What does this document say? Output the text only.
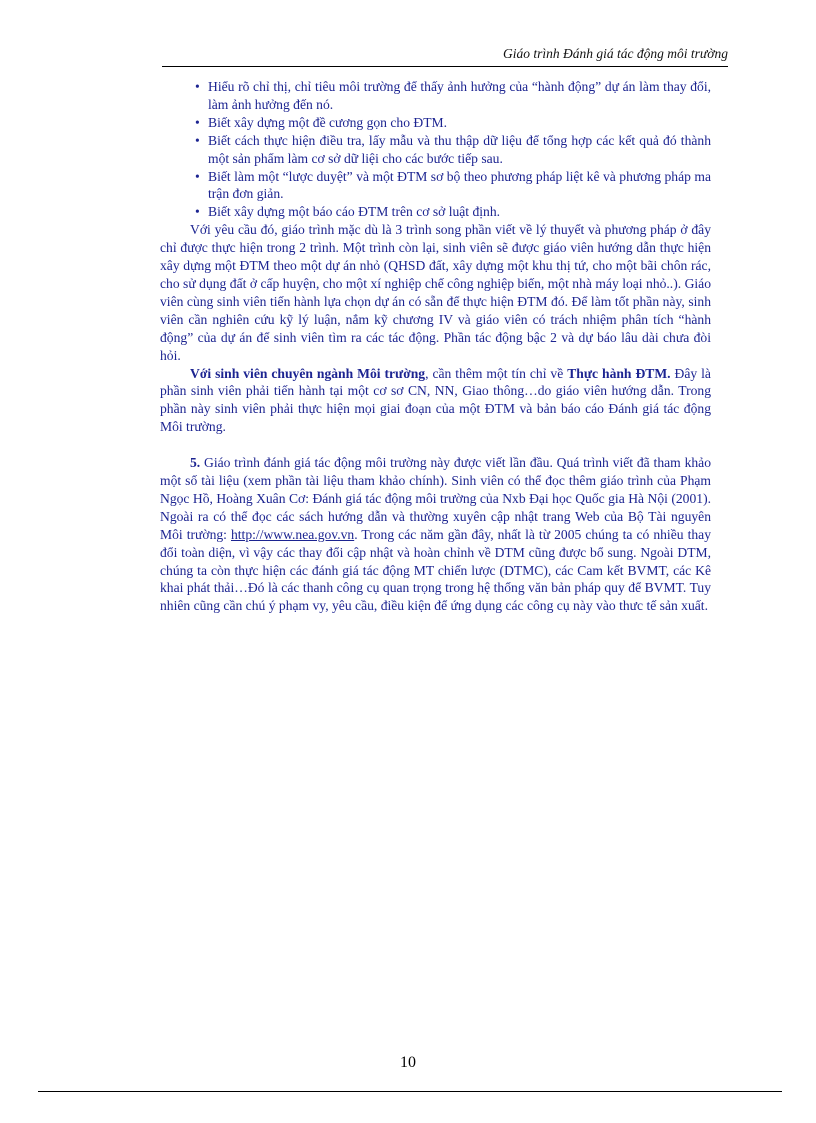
Giáo trình Đánh giá tác động môi trường
• Hiểu rõ chỉ thị, chỉ tiêu môi trường để thấy ảnh hưởng của “hành động” dự án làm thay đổi, làm ảnh hưởng đến nó.
• Biết xây dựng một đề cương gọn cho ĐTM.
• Biết cách thực hiện điều tra, lấy mẫu và thu thập dữ liệu để tổng hợp các kết quả đó thành một sản phẩm làm cơ sở dữ liệi cho các bước tiếp sau.
• Biết làm một “lược duyệt” và một ĐTM sơ bộ theo phương pháp liệt kê và phương pháp ma trận đơn giản.
• Biết xây dựng một báo cáo ĐTM trên cơ sở luật định.

Với yêu cầu đó, giáo trình mặc dù là 3 trình song phần viết về lý thuyết và phương pháp ở đây chỉ được thực hiện trong 2 trình. Một trình còn lại, sinh viên sẽ được giáo viên hướng dẫn thực hiện xây dựng một ĐTM theo một dự án nhỏ (QHSD đất, xây dựng một khu thị tứ, cho một bãi chôn rác, cho sử dụng đất ở cấp huyện, cho một xí nghiệp chế công nghiệp biến, một nhà máy loại nhỏ..). Giáo viên cùng sinh viên tiến hành lựa chọn dự án có sẵn để thực hiện ĐTM đó. Để làm tốt phần này, sinh viên cần nghiên cứu kỹ lý luận, nắm kỹ chương IV và giáo viên có trách nhiệm phân tích “hành động” của dự án để sinh viên tìm ra các tác động. Phần tác động bậc 2 và dự báo lâu dài chưa đòi hỏi.

Với sinh viên chuyên ngành Môi trường, cần thêm một tín chỉ về Thực hành ĐTM. Đây là phần sinh viên phải tiến hành tại một cơ sơ CN, NN, Giao thông…do giáo viên hướng dẫn. Trong phần này sinh viên phải thực hiện mọi giai đoạn của một ĐTM và bản báo cáo Đánh giá tác động Môi trường.

5. Giáo trình đánh giá tác động môi trường này được viết lần đầu. Quá trình viết đã tham khảo một số tài liệu (xem phần tài liệu tham khảo chính). Sinh viên có thể đọc thêm giáo trình của Phạm Ngọc Hồ, Hoàng Xuân Cơ: Đánh giá tác động môi trường của Nxb Đại học Quốc gia Hà Nội (2001). Ngoài ra có thể đọc các sách hướng dẫn và thường xuyên cập nhật trang Web của Bộ Tài nguyên Môi trường: http://www.nea.gov.vn. Trong các năm gần đây, nhất là từ 2005 chúng ta có nhiều thay đổi toàn diện, vì vậy các thay đổi cập nhật và hoàn chỉnh về DTM cũng được bổ sung. Ngoài DTM, chúng ta còn thực hiện các đánh giá tác động MT chiến lược (DTMC), các Cam kết BVMT, các Kê khai phát thải…Đó là các thanh công cụ quan trọng trong hệ thống văn bản pháp quy để BVMT. Tuy nhiên cũng cần chú ý phạm vy, yêu cầu, điều kiện để ứng dụng các công cụ này vào thưc tế sản xuất.

10
